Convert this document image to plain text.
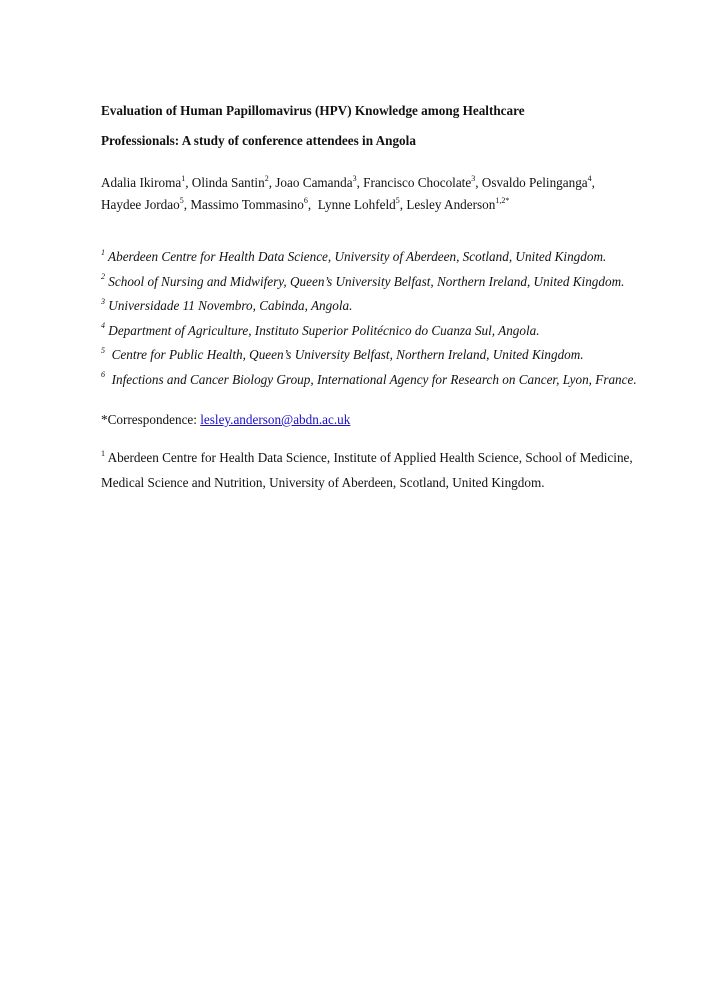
Evaluation of Human Papillomavirus (HPV) Knowledge among Healthcare
Professionals: A study of conference attendees in Angola
Adalia Ikiroma$^1$, Olinda Santin$^2$, Joao Camanda$^3$, Francisco Chocolate$^3$, Osvaldo Pelinganga$^4$,
Haydee Jordao$^5$, Massimo Tommasino$^6$,  Lynne Lohfeld$^5$, Lesley Anderson$^{1,2*}$
$^1$ Aberdeen Centre for Health Data Science, University of Aberdeen, Scotland, United Kingdom.
$^2$ School of Nursing and Midwifery, Queen’s University Belfast, Northern Ireland, United Kingdom.
$^3$ Universidade 11 Novembro, Cabinda, Angola.
$^4$ Department of Agriculture, Instituto Superior Politécnico do Cuanza Sul, Angola.
$^5$  Centre for Public Health, Queen’s University Belfast, Northern Ireland, United Kingdom.
$^6$  Infections and Cancer Biology Group, International Agency for Research on Cancer, Lyon, France.
*Correspondence: lesley.anderson@abdn.ac.uk
$^1$ Aberdeen Centre for Health Data Science, Institute of Applied Health Science, School of Medicine, Medical Science and Nutrition, University of Aberdeen, Scotland, United Kingdom.
